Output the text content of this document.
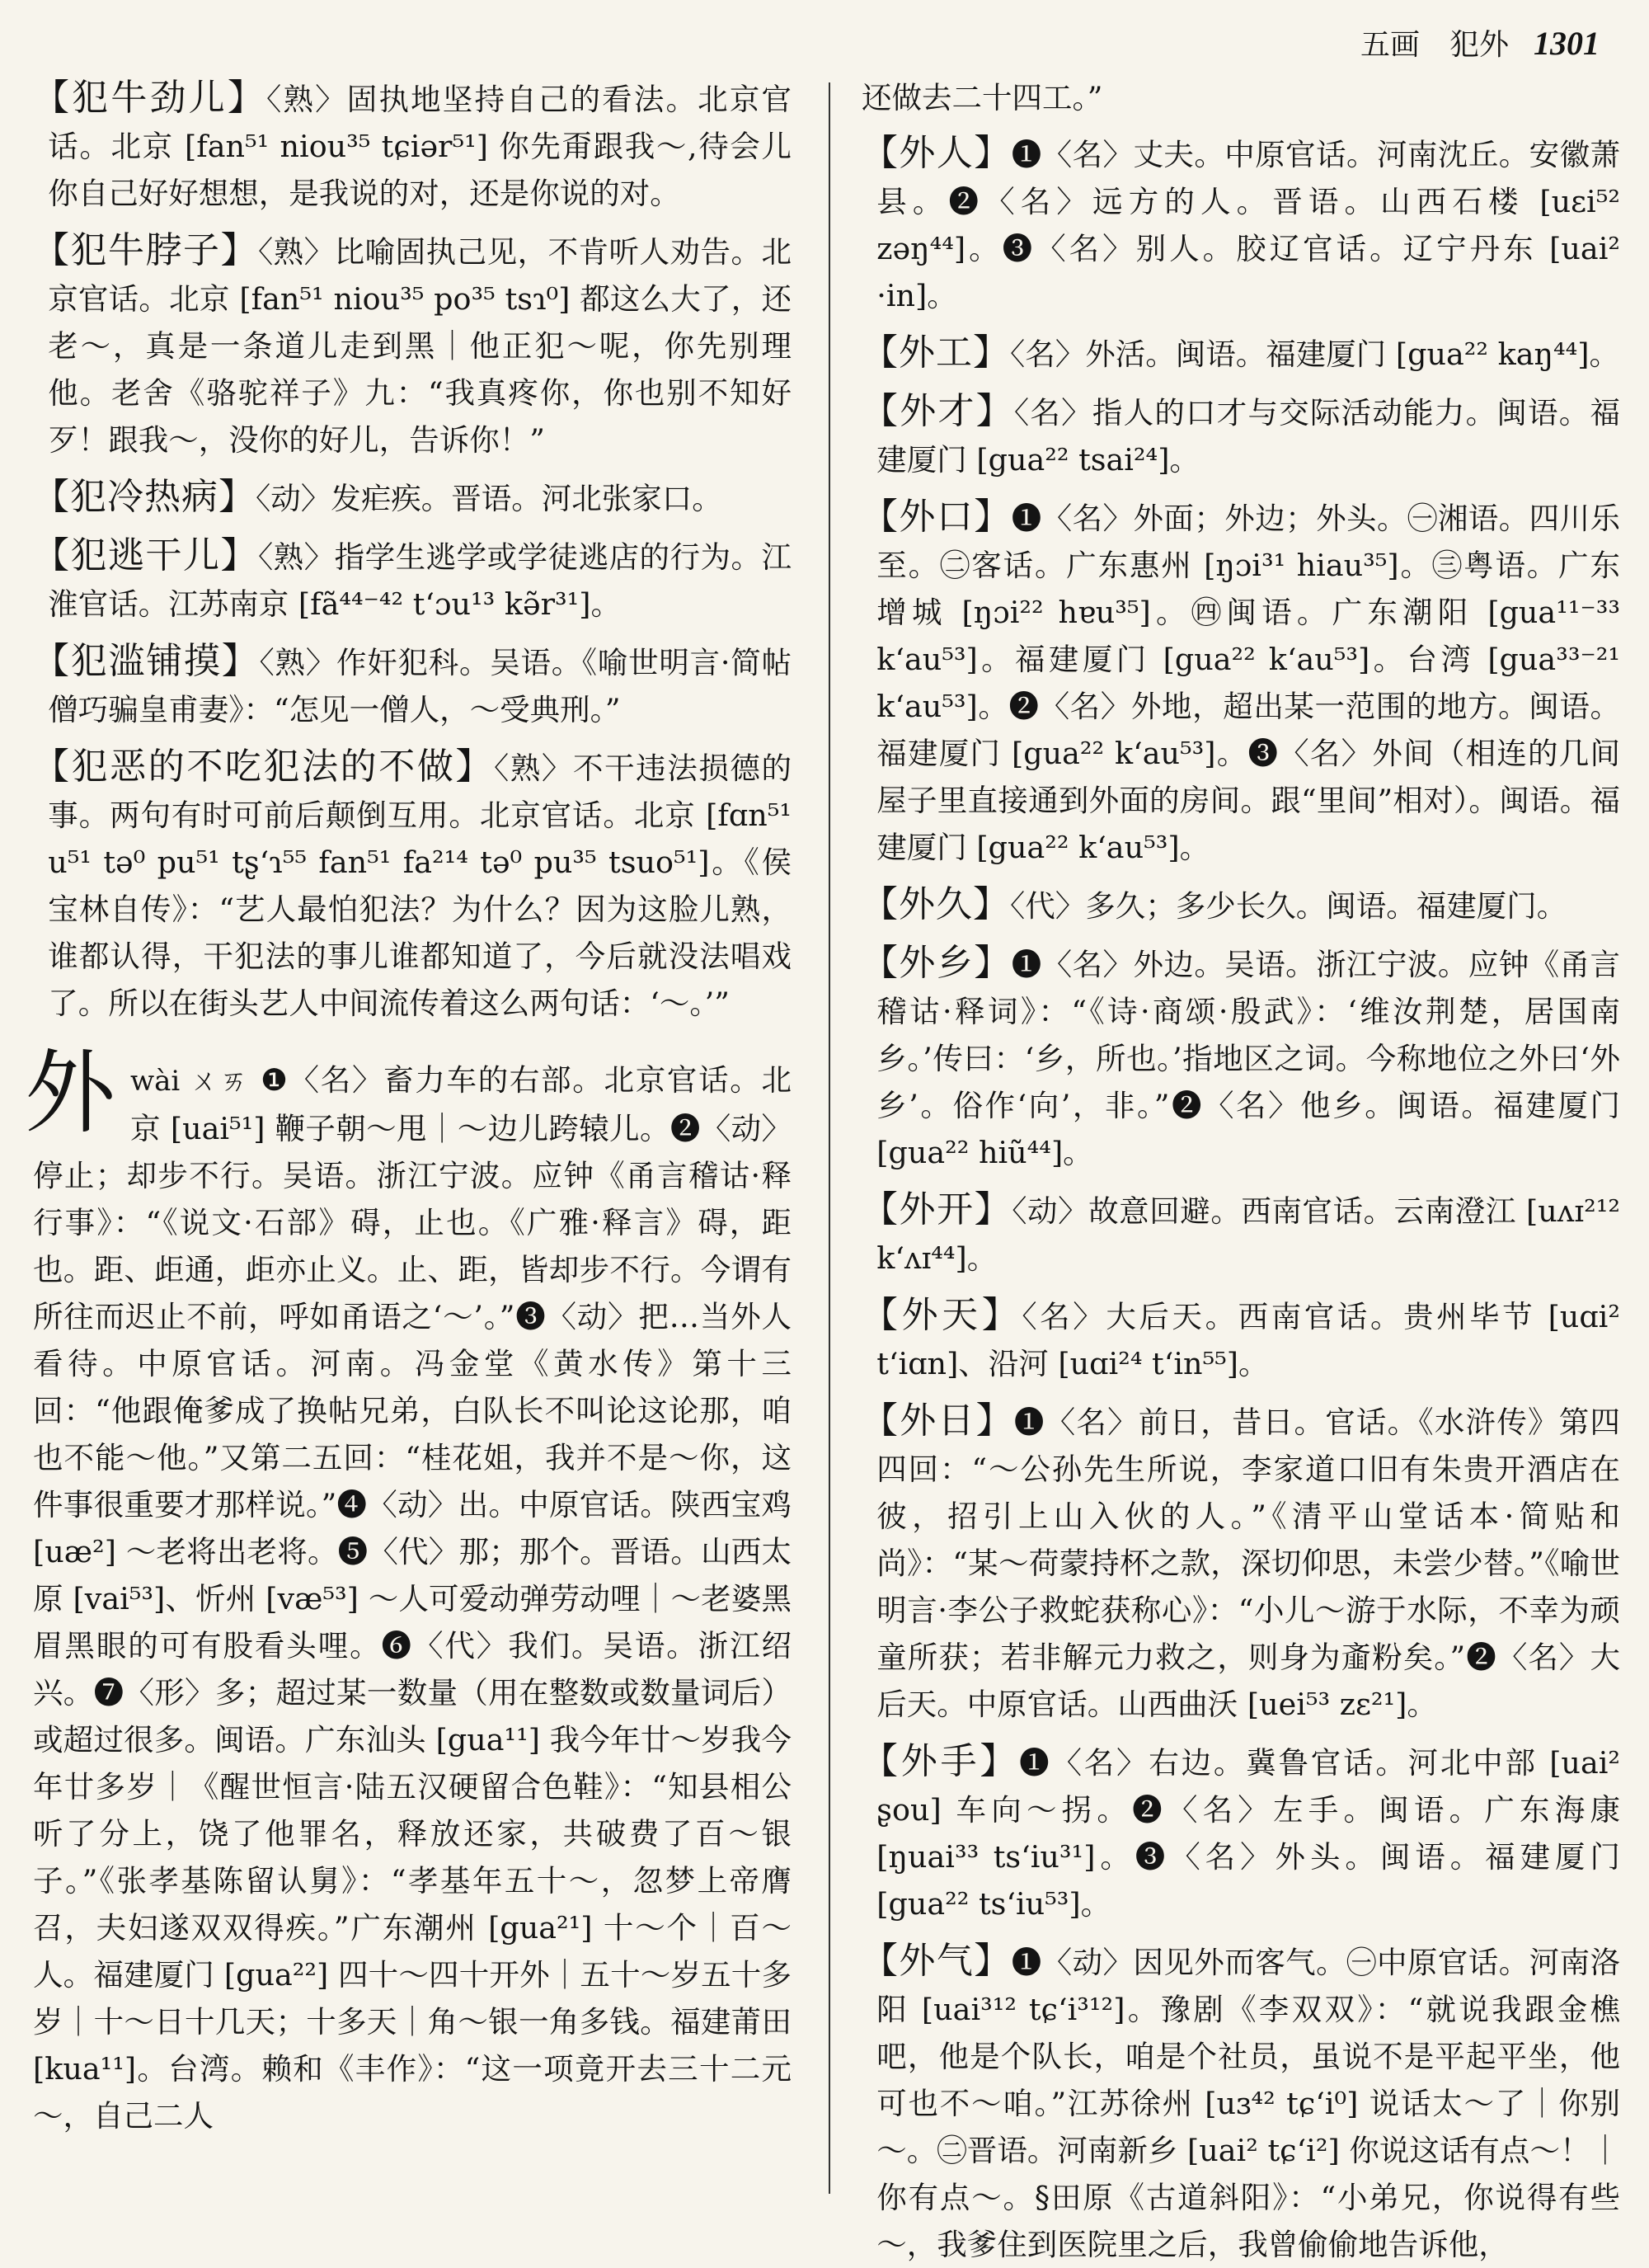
五画　犯外 1301

【犯牛劲儿】〈熟〉固执地坚持自己的看法。北京官话。北京 [fan⁵¹ niou³⁵ tɕiər⁵¹] 你先甭跟我～,待会儿你自己好好想想，是我说的对，还是你说的对。

【犯牛脖子】〈熟〉比喻固执己见，不肯听人劝告。北京官话。北京 [fan⁵¹ niou³⁵ po³⁵ tsɿ⁰] 都这么大了，还老～，真是一条道儿走到黑｜他正犯～呢，你先别理他。老舍《骆驼祥子》九：“我真疼你，你也别不知好歹！跟我～，没你的好儿，告诉你！”

【犯冷热病】〈动〉发疟疾。晋语。河北张家口。

【犯逃干儿】〈熟〉指学生逃学或学徒逃店的行为。江淮官话。江苏南京 [fã⁴⁴⁻⁴² t‘ɔu¹³ kə̃r³¹]。

【犯滥铺摸】〈熟〉作奸犯科。吴语。《喻世明言·简帖僧巧骗皇甫妻》：“怎见一僧人，～受典刑。”

【犯恶的不吃犯法的不做】〈熟〉不干违法损德的事。两句有时可前后颠倒互用。北京官话。北京 [fɑn⁵¹ u⁵¹ tə⁰ pu⁵¹ tʂ‘ɿ⁵⁵ fan⁵¹ fa²¹⁴ tə⁰ pu³⁵ tsuo⁵¹]。《侯宝林自传》：“艺人最怕犯法？为什么？因为这脸儿熟，谁都认得，干犯法的事儿谁都知道了，今后就没法唱戏了。所以在街头艺人中间流传着这么两句话：‘～。’”

外wài ㄨㄞ ❶〈名〉畜力车的右部。北京官话。北京 [uai⁵¹] 鞭子朝～甩｜～边儿跨辕儿。❷〈动〉停止；却步不行。吴语。浙江宁波。应钟《甬言稽诂·释行事》：“《说文·石部》碍，止也。《广雅·释言》碍，距也。距、歫通，歫亦止义。止、距，皆却步不行。今谓有所往而迟止不前，呼如甬语之‘～’。”❸〈动〉把…当外人看待。中原官话。河南。冯金堂《黄水传》第十三回：“他跟俺爹成了换帖兄弟，白队长不叫论这论那，咱也不能～他。”又第二五回：“桂花姐，我并不是～你，这件事很重要才那样说。”❹〈动〉出。中原官话。陕西宝鸡 [uæ²] ～老将出老将。❺〈代〉那；那个。晋语。山西太原 [vai⁵³]、忻州 [væ⁵³] ～人可爱动弹劳动哩｜～老婆黑眉黑眼的可有股看头哩。❻〈代〉我们。吴语。浙江绍兴。❼〈形〉多；超过某一数量（用在整数或数量词后）或超过很多。闽语。广东汕头 [gua¹¹] 我今年廿～岁我今年廿多岁｜《醒世恒言·陆五汉硬留合色鞋》：“知县相公听了分上，饶了他罪名，释放还家，共破费了百～银子。”《张孝基陈留认舅》：“孝基年五十～，忽梦上帝膺召，夫妇遂双双得疾。”广东潮州 [gua²¹] 十～个｜百～人。福建厦门 [gua²²] 四十～四十开外｜五十～岁五十多岁｜十～日十几天；十多天｜角～银一角多钱。福建莆田 [kua¹¹]。台湾。赖和《丰作》：“这一项竟开去三十二元～，自己二人

还做去二十四工。”

【外人】❶〈名〉丈夫。中原官话。河南沈丘。安徽萧县。❷〈名〉远方的人。晋语。山西石楼 [uɛi⁵² zəŋ⁴⁴]。❸〈名〉别人。胶辽官话。辽宁丹东 [uai² ·in]。

【外工】〈名〉外活。闽语。福建厦门 [gua²² kaŋ⁴⁴]。

【外才】〈名〉指人的口才与交际活动能力。闽语。福建厦门 [gua²² tsai²⁴]。

【外口】❶〈名〉外面；外边；外头。㊀湘语。四川乐至。㊁客话。广东惠州 [ŋɔi³¹ hiau³⁵]。㊂粤语。广东增城 [ŋɔi²² hɐu³⁵]。㊃闽语。广东潮阳 [gua¹¹⁻³³ k‘au⁵³]。福建厦门 [gua²² k‘au⁵³]。台湾 [gua³³⁻²¹ k‘au⁵³]。❷〈名〉外地，超出某一范围的地方。闽语。福建厦门 [gua²² k‘au⁵³]。❸〈名〉外间（相连的几间屋子里直接通到外面的房间。跟“里间”相对）。闽语。福建厦门 [gua²² k‘au⁵³]。

【外久】〈代〉多久；多少长久。闽语。福建厦门。

【外乡】❶〈名〉外边。吴语。浙江宁波。应钟《甬言稽诂·释词》：“《诗·商颂·殷武》：‘维汝荆楚，居国南乡。’传曰：‘乡，所也。’指地区之词。今称地位之外曰‘外乡’。俗作‘向’，非。”❷〈名〉他乡。闽语。福建厦门 [gua²² hiũ⁴⁴]。

【外开】〈动〉故意回避。西南官话。云南澄江 [uʌɪ²¹² k‘ʌɪ⁴⁴]。

【外天】〈名〉大后天。西南官话。贵州毕节 [uɑi² t‘iɑn]、沿河 [uɑi²⁴ t‘in⁵⁵]。

【外日】❶〈名〉前日，昔日。官话。《水浒传》第四四回：“～公孙先生所说，李家道口旧有朱贵开酒店在彼，招引上山入伙的人。”《清平山堂话本·简贴和尚》：“某～荷蒙持杯之款，深切仰思，未尝少替。”《喻世明言·李公子救蛇获称心》：“小儿～游于水际，不幸为顽童所获；若非解元力救之，则身为齑粉矣。”❷〈名〉大后天。中原官话。山西曲沃 [uei⁵³ zɛ²¹]。

【外手】❶〈名〉右边。冀鲁官话。河北中部 [uai² ʂou] 车向～拐。❷〈名〉左手。闽语。广东海康 [ŋuai³³ ts‘iu³¹]。❸〈名〉外头。闽语。福建厦门 [gua²² ts‘iu⁵³]。

【外气】❶〈动〉因见外而客气。㊀中原官话。河南洛阳 [uai³¹² tɕ‘i³¹²]。豫剧《李双双》：“就说我跟金樵吧，他是个队长，咱是个社员，虽说不是平起平坐，他可也不～咱。”江苏徐州 [uɜ⁴² tɕ‘i⁰] 说话太～了｜你别～。㊁晋语。河南新乡 [uai² tɕ‘i²] 你说这话有点～！｜你有点～。§田原《古道斜阳》：“小弟兄，你说得有些～，我爹住到医院里之后，我曾偷偷地告诉他，
